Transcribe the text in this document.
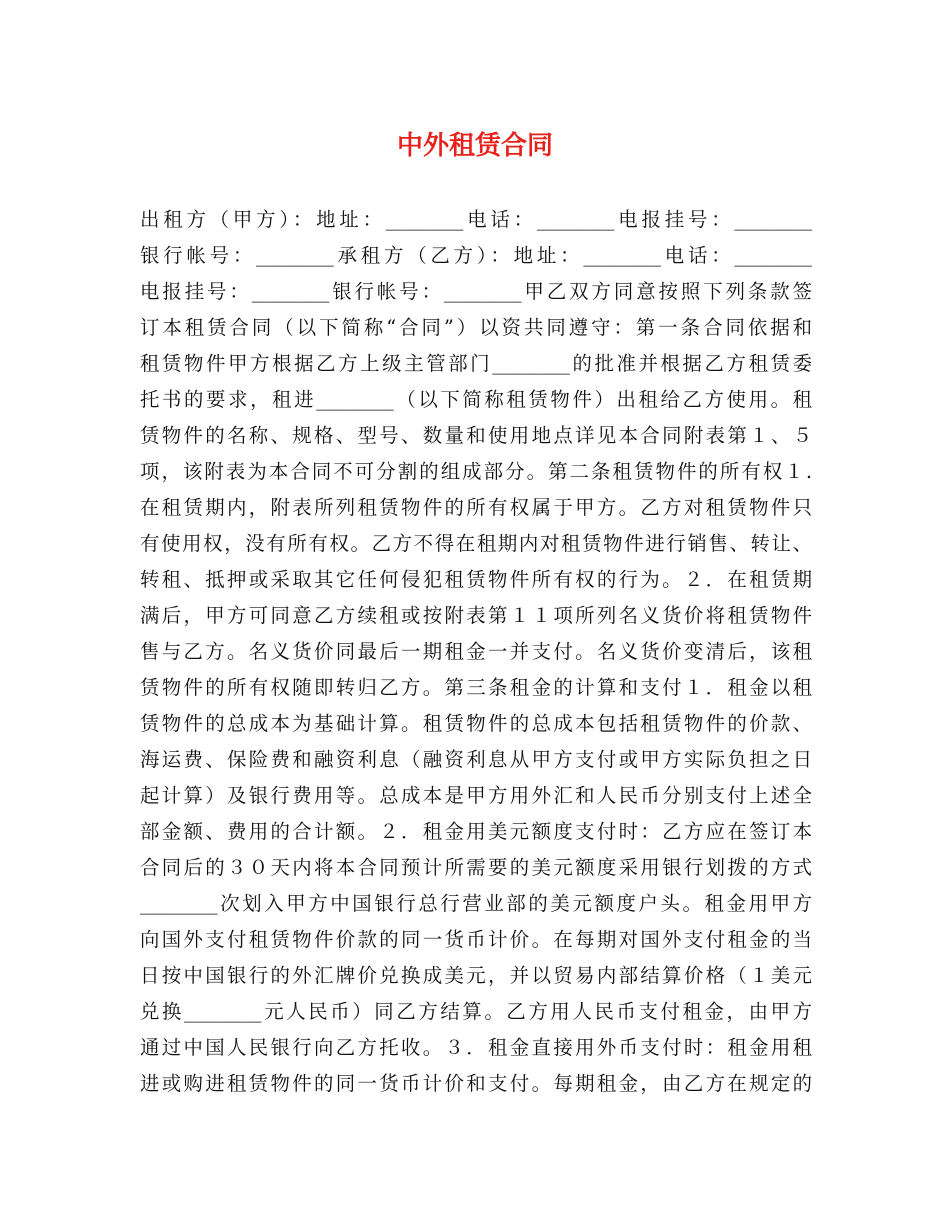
中外租赁合同
出租方（甲方）：地址：________电话：________电报挂号：________
银行帐号：________承租方（乙方）：地址：________电话：________
电报挂号：________银行帐号：________甲乙双方同意按照下列条款签
订本租赁合同（以下简称“合同”）以资共同遵守：第一条合同依据和
租赁物件甲方根据乙方上级主管部门________的批准并根据乙方租赁委
托书的要求，租进________（以下简称租赁物件）出租给乙方使用。租
赁物件的名称、规格、型号、数量和使用地点详见本合同附表第１、５
项，该附表为本合同不可分割的组成部分。第二条租赁物件的所有权１.
在租赁期内，附表所列租赁物件的所有权属于甲方。乙方对租赁物件只
有使用权，没有所有权。乙方不得在租期内对租赁物件进行销售、转让、
转租、抵押或采取其它任何侵犯租赁物件所有权的行为。２．在租赁期
满后，甲方可同意乙方续租或按附表第１１项所列名义货价将租赁物件
售与乙方。名义货价同最后一期租金一并支付。名义货价变清后，该租
赁物件的所有权随即转归乙方。第三条租金的计算和支付１．租金以租
赁物件的总成本为基础计算。租赁物件的总成本包括租赁物件的价款、
海运费、保险费和融资利息（融资利息从甲方支付或甲方实际负担之日
起计算）及银行费用等。总成本是甲方用外汇和人民币分别支付上述全
部金额、费用的合计额。２．租金用美元额度支付时：乙方应在签订本
合同后的３０天内将本合同预计所需要的美元额度采用银行划拨的方式
________次划入甲方中国银行总行营业部的美元额度户头。租金用甲方
向国外支付租赁物件价款的同一货币计价。在每期对国外支付租金的当
日按中国银行的外汇牌价兑换成美元，并以贸易内部结算价格（１美元
兑换________元人民币）同乙方结算。乙方用人民币支付租金，由甲方
通过中国人民银行向乙方托收。３．租金直接用外币支付时：租金用租
进或购进租赁物件的同一货币计价和支付。每期租金，由乙方在规定的
